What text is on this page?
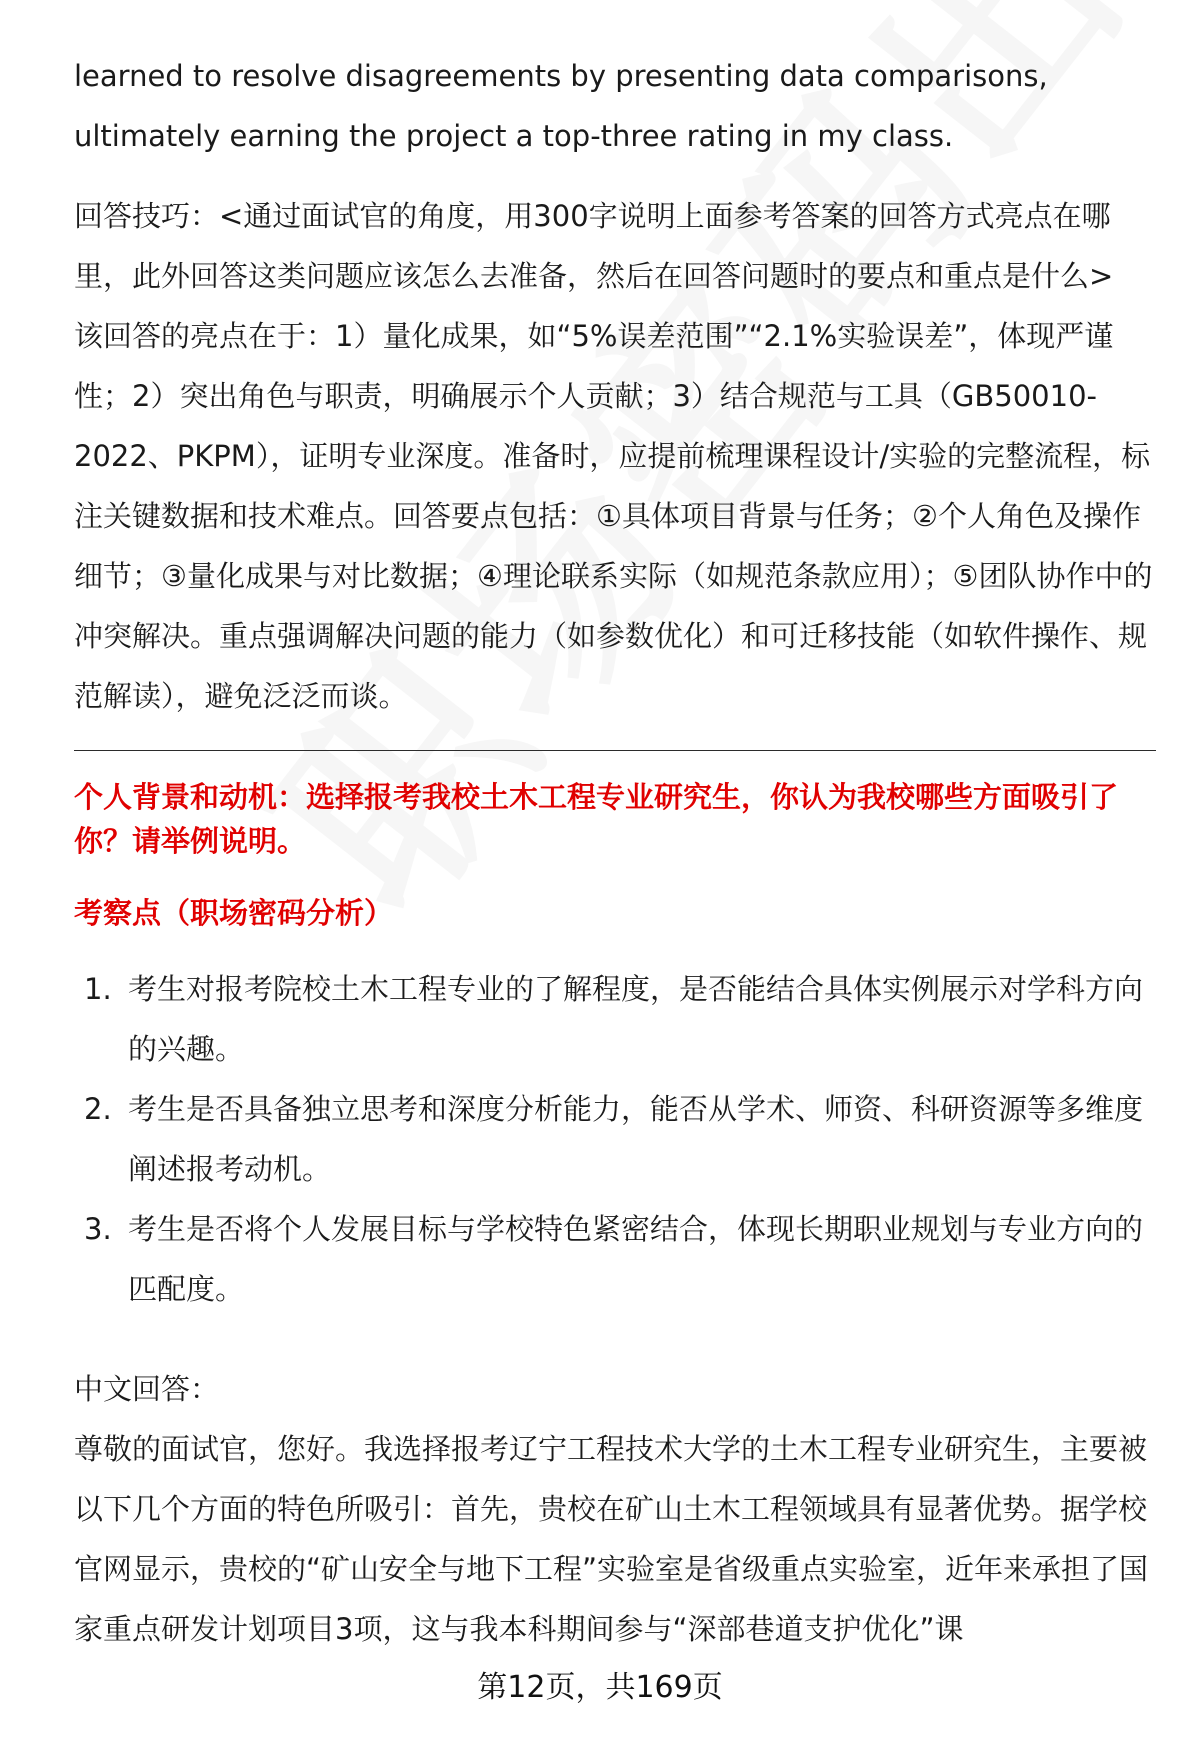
learned to resolve disagreements by presenting data comparisons, ultimately earning the project a top-three rating in my class.

回答技巧：<通过面试官的角度，用300字说明上面参考答案的回答方式亮点在哪里，此外回答这类问题应该怎么去准备，然后在回答问题时的要点和重点是什么>

该回答的亮点在于：1）量化成果，如“5%误差范围”“2.1%实验误差”，体现严谨性；2）突出角色与职责，明确展示个人贡献；3）结合规范与工具（GB50010-2022、PKPM），证明专业深度。准备时，应提前梳理课程设计/实验的完整流程，标注关键数据和技术难点。回答要点包括：①具体项目背景与任务；②个人角色及操作细节；③量化成果与对比数据；④理论联系实际（如规范条款应用）；⑤团队协作中的冲突解决。重点强调解决问题的能力（如参数优化）和可迁移技能（如软件操作、规范解读），避免泛泛而谈。

个人背景和动机：选择报考我校土木工程专业研究生，你认为我校哪些方面吸引了你？请举例说明。

考察点（职场密码分析）

1. 考生对报考院校土木工程专业的了解程度，是否能结合具体实例展示对学科方向的兴趣。
2. 考生是否具备独立思考和深度分析能力，能否从学术、师资、科研资源等多维度阐述报考动机。
3. 考生是否将个人发展目标与学校特色紧密结合，体现长期职业规划与专业方向的匹配度。

中文回答：

尊敬的面试官，您好。我选择报考辽宁工程技术大学的土木工程专业研究生，主要被以下几个方面的特色所吸引：首先，贵校在矿山土木工程领域具有显著优势。据学校官网显示，贵校的“矿山安全与地下工程”实验室是省级重点实验室，近年来承担了国家重点研发计划项目3项，这与我本科期间参与“深部巷道支护优化”课

第12页，共169页
